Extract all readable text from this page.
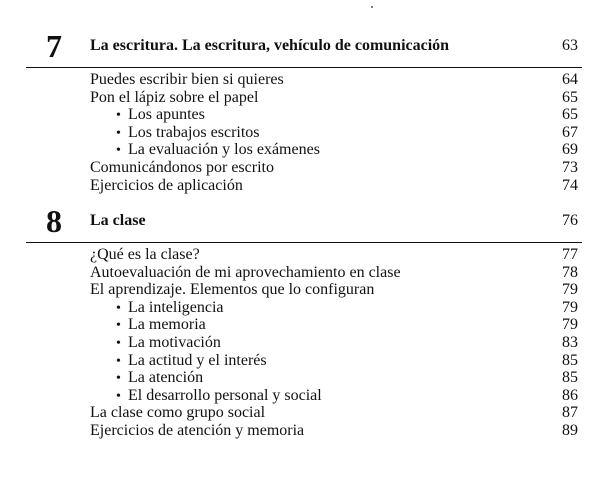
7 La escritura. La escritura, vehículo de comunicación	63
Puedes escribir bien si quieres	64
Pon el lápiz sobre el papel	65
• Los apuntes	65
• Los trabajos escritos	67
• La evaluación y los exámenes	69
Comunicándonos por escrito	73
Ejercicios de aplicación	74
8 La clase	76
¿Qué es la clase?	77
Autoevaluación de mi aprovechamiento en clase	78
El aprendizaje. Elementos que lo configuran	79
• La inteligencia	79
• La memoria	79
• La motivación	83
• La actitud y el interés	85
• La atención	85
• El desarrollo personal y social	86
La clase como grupo social	87
Ejercicios de atención y memoria	89
